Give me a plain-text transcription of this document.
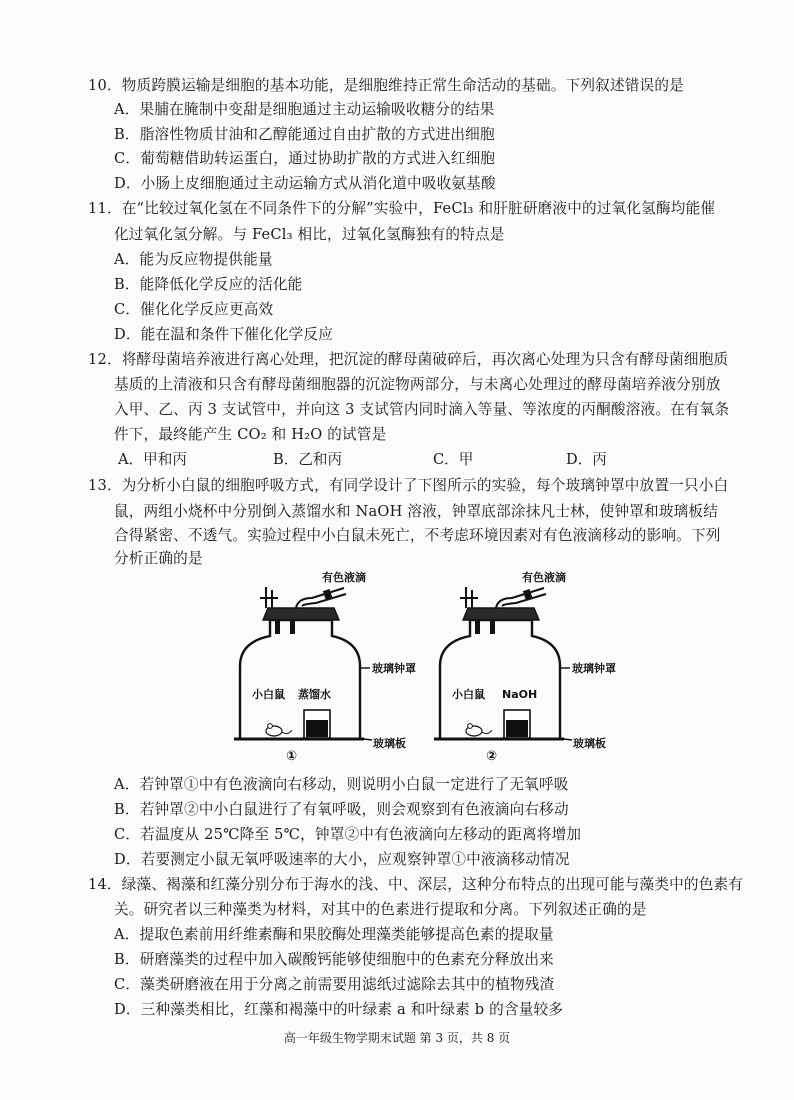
10．物质跨膜运输是细胞的基本功能，是细胞维持正常生命活动的基础。下列叙述错误的是
A．果脯在腌制中变甜是细胞通过主动运输吸收糖分的结果
B．脂溶性物质甘油和乙醇能通过自由扩散的方式进出细胞
C．葡萄糖借助转运蛋白，通过协助扩散的方式进入红细胞
D．小肠上皮细胞通过主动运输方式从消化道中吸收氨基酸
11．在“比较过氧化氢在不同条件下的分解”实验中，FeCl₃ 和肝脏研磨液中的过氧化氢酶均能催
化过氧化氢分解。与 FeCl₃ 相比，过氧化氢酶独有的特点是
A．能为反应物提供能量
B．能降低化学反应的活化能
C．催化化学反应更高效
D．能在温和条件下催化化学反应
12．将酵母菌培养液进行离心处理，把沉淀的酵母菌破碎后，再次离心处理为只含有酵母菌细胞质
基质的上清液和只含有酵母菌细胞器的沉淀物两部分，与未离心处理过的酵母菌培养液分别放
入甲、乙、丙 3 支试管中，并向这 3 支试管内同时滴入等量、等浓度的丙酮酸溶液。在有氧条
件下，最终能产生 CO₂ 和 H₂O 的试管是
A．甲和丙	B．乙和丙	C．甲	D．丙
13．为分析小白鼠的细胞呼吸方式，有同学设计了下图所示的实验，每个玻璃钟罩中放置一只小白
鼠，两组小烧杯中分别倒入蒸馏水和 NaOH 溶液，钟罩底部涂抹凡士林，使钟罩和玻璃板结
合得紧密、不透气。实验过程中小白鼠未死亡，不考虑环境因素对有色液滴移动的影响。下列
分析正确的是
有色液滴
玻璃钟罩
玻璃板
小白鼠 蒸馏水
①
有色液滴
玻璃钟罩
玻璃板
小白鼠 NaOH
②
A．若钟罩①中有色液滴向右移动，则说明小白鼠一定进行了无氧呼吸
B．若钟罩②中小白鼠进行了有氧呼吸，则会观察到有色液滴向右移动
C．若温度从 25℃降至 5℃，钟罩②中有色液滴向左移动的距离将增加
D．若要测定小鼠无氧呼吸速率的大小，应观察钟罩①中液滴移动情况
14．绿藻、褐藻和红藻分别分布于海水的浅、中、深层，这种分布特点的出现可能与藻类中的色素有
关。研究者以三种藻类为材料，对其中的色素进行提取和分离。下列叙述正确的是
A．提取色素前用纤维素酶和果胶酶处理藻类能够提高色素的提取量
B．研磨藻类的过程中加入碳酸钙能够使细胞中的色素充分释放出来
C．藻类研磨液在用于分离之前需要用滤纸过滤除去其中的植物残渣
D．三种藻类相比，红藻和褐藻中的叶绿素 a 和叶绿素 b 的含量较多
高一年级生物学期末试题 第 3 页，共 8 页
